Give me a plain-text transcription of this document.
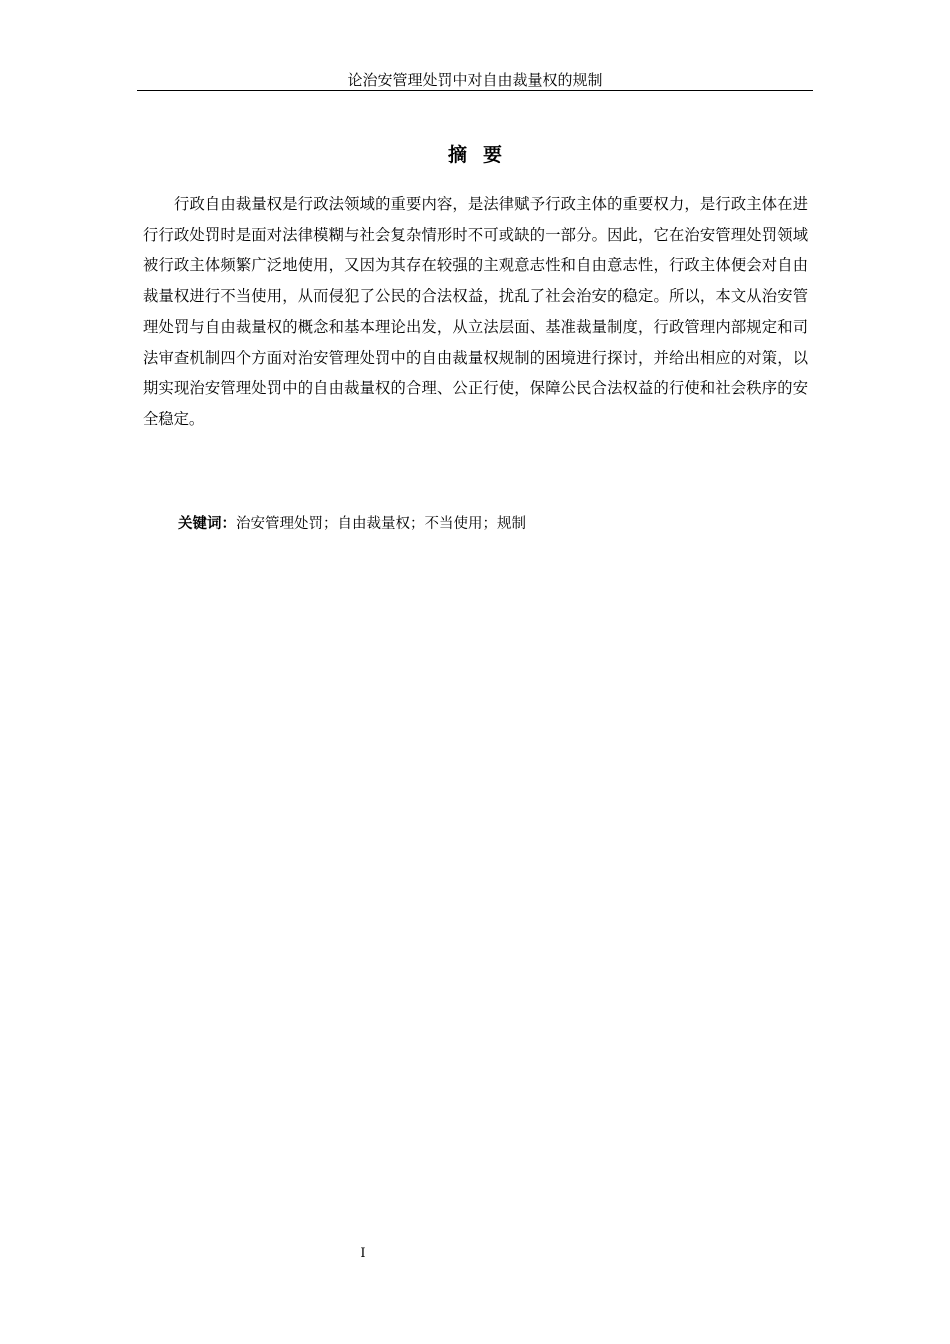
论治安管理处罚中对自由裁量权的规制
摘要

行政自由裁量权是行政法领域的重要内容，是法律赋予行政主体的重要权力，是行政主体在进行行政处罚时是面对法律模糊与社会复杂情形时不可或缺的一部分。因此，它在治安管理处罚领域被行政主体频繁广泛地使用，又因为其存在较强的主观意志性和自由意志性，行政主体便会对自由裁量权进行不当使用，从而侵犯了公民的合法权益，扰乱了社会治安的稳定。所以，本文从治安管理处罚与自由裁量权的概念和基本理论出发，从立法层面、基准裁量制度，行政管理内部规定和司法审查机制四个方面对治安管理处罚中的自由裁量权规制的困境进行探讨，并给出相应的对策，以期实现治安管理处罚中的自由裁量权的合理、公正行使，保障公民合法权益的行使和社会秩序的安全稳定。

关键词：治安管理处罚；自由裁量权；不当使用；规制
I
